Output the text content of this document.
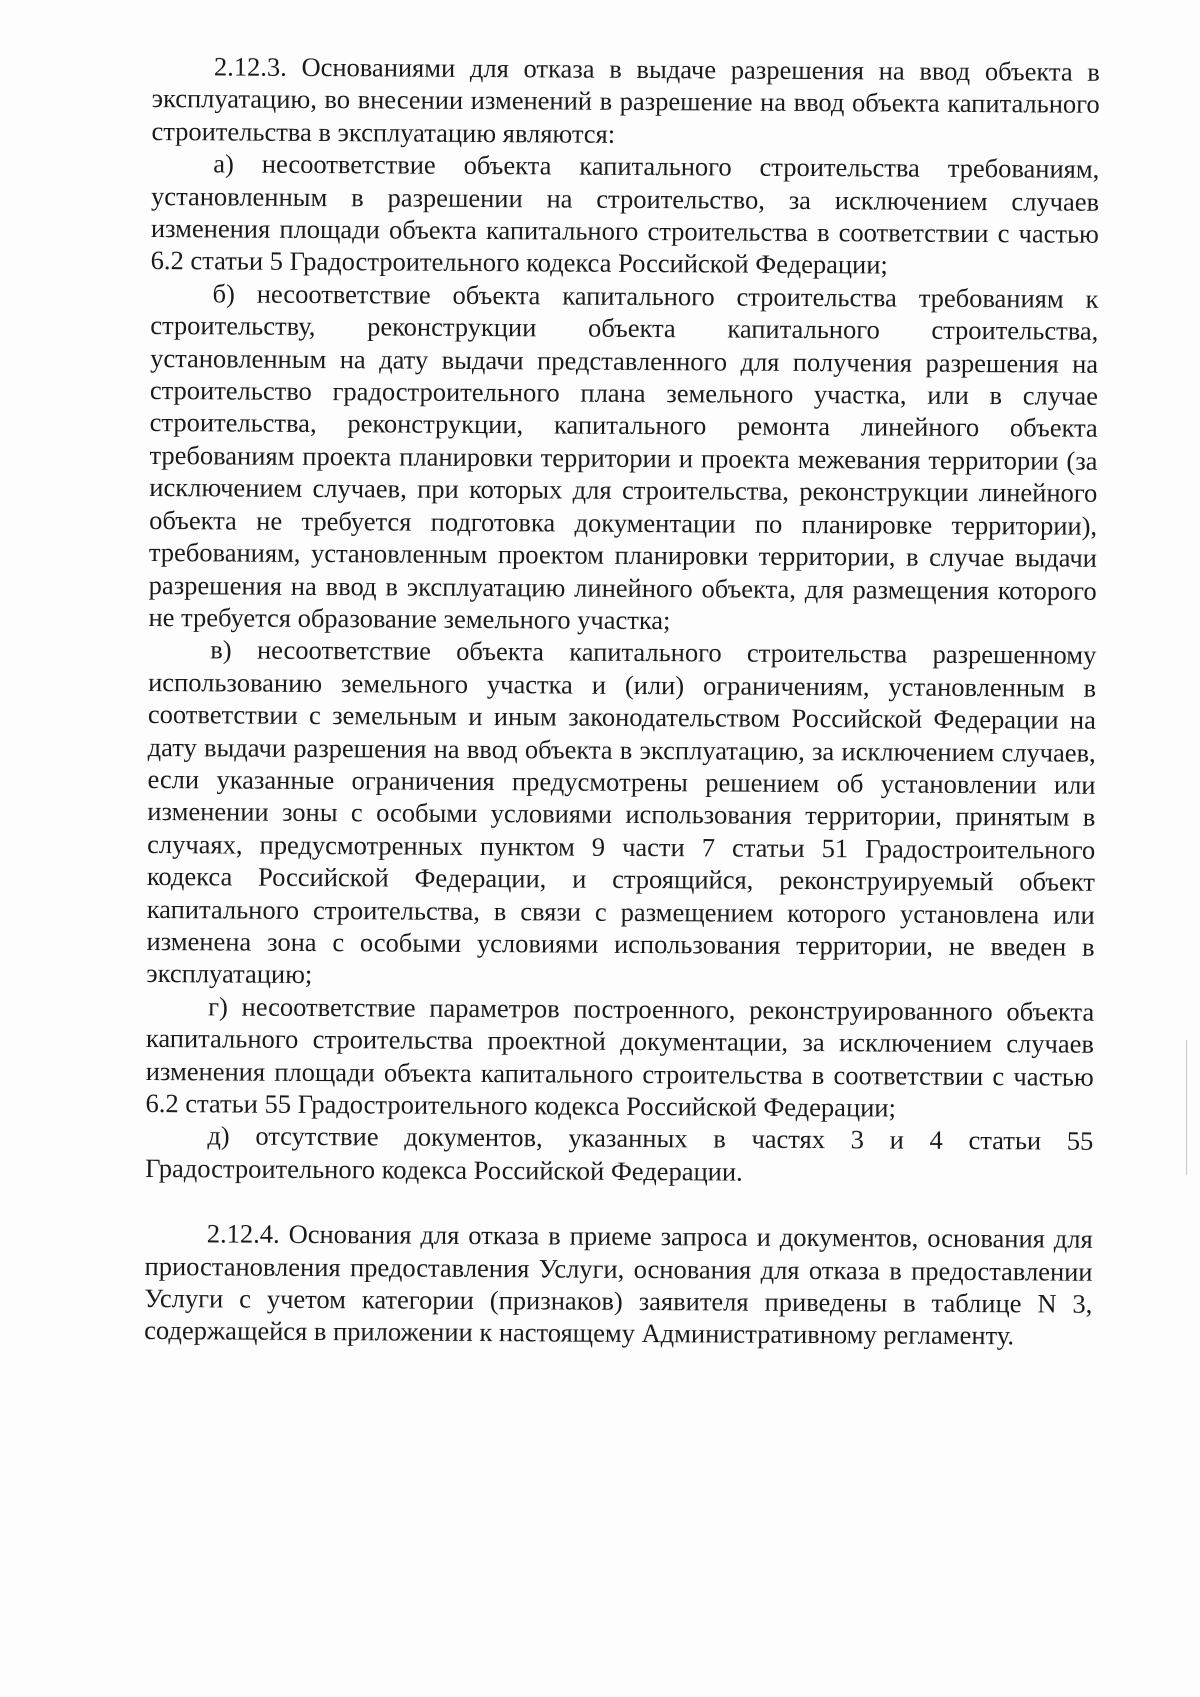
2.12.3. Основаниями для отказа в выдаче разрешения на ввод объекта в эксплуатацию, во внесении изменений в разрешение на ввод объекта капитального строительства в эксплуатацию являются:

а) несоответствие объекта капитального строительства требованиям, установленным в разрешении на строительство, за исключением случаев изменения площади объекта капитального строительства в соответствии с частью 6.2 статьи 5 Градостроительного кодекса Российской Федерации;

б) несоответствие объекта капитального строительства требованиям к строительству, реконструкции объекта капитального строительства, установленным на дату выдачи представленного для получения разрешения на строительство градостроительного плана земельного участка, или в случае строительства, реконструкции, капитального ремонта линейного объекта требованиям проекта планировки территории и проекта межевания территории (за исключением случаев, при которых для строительства, реконструкции линейного объекта не требуется подготовка документации по планировке территории), требованиям, установленным проектом планировки территории, в случае выдачи разрешения на ввод в эксплуатацию линейного объекта, для размещения которого не требуется образование земельного участка;

в) несоответствие объекта капитального строительства разрешенному использованию земельного участка и (или) ограничениям, установленным в соответствии с земельным и иным законодательством Российской Федерации на дату выдачи разрешения на ввод объекта в эксплуатацию, за исключением случаев, если указанные ограничения предусмотрены решением об установлении или изменении зоны с особыми условиями использования территории, принятым в случаях, предусмотренных пунктом 9 части 7 статьи 51 Градостроительного кодекса Российской Федерации, и строящийся, реконструируемый объект капитального строительства, в связи с размещением которого установлена или изменена зона с особыми условиями использования территории, не введен в эксплуатацию;

г) несоответствие параметров построенного, реконструированного объекта капитального строительства проектной документации, за исключением случаев изменения площади объекта капитального строительства в соответствии с частью 6.2 статьи 55 Градостроительного кодекса Российской Федерации;

д) отсутствие документов, указанных в частях 3 и 4 статьи 55 Градостроительного кодекса Российской Федерации.

2.12.4. Основания для отказа в приеме запроса и документов, основания для приостановления предоставления Услуги, основания для отказа в предоставлении Услуги с учетом категории (признаков) заявителя приведены в таблице N 3, содержащейся в приложении к настоящему Административному регламенту.
